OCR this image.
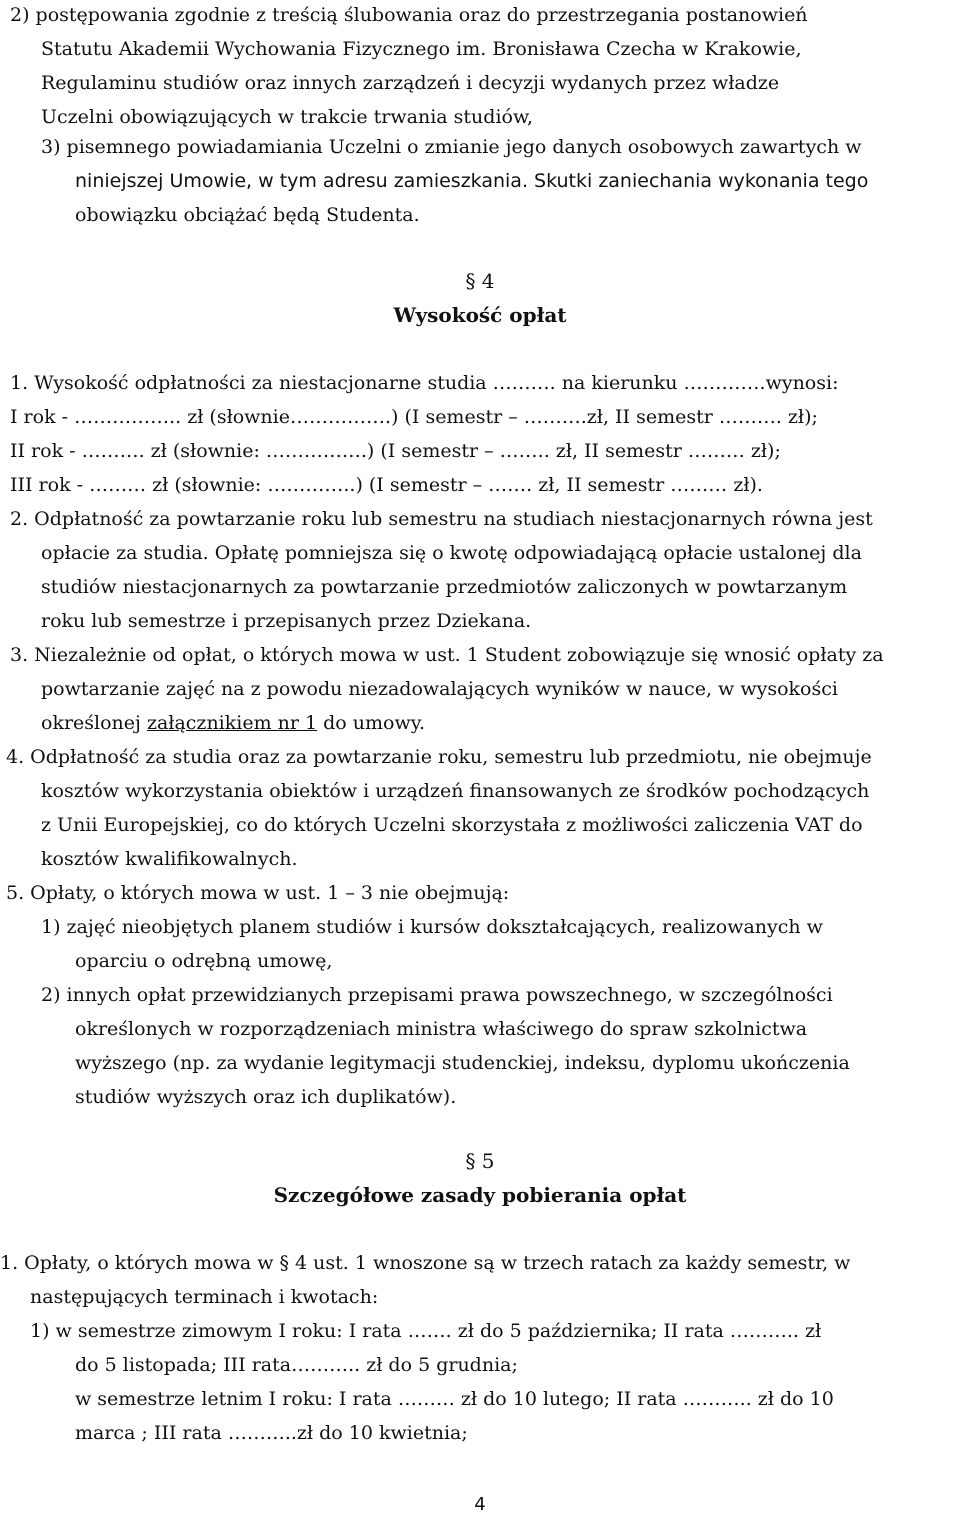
2) postępowania zgodnie z treścią ślubowania oraz do przestrzegania postanowień
Statutu Akademii Wychowania Fizycznego im. Bronisława Czecha w Krakowie,
Regulaminu studiów oraz innych zarządzeń i decyzji wydanych przez władze
Uczelni obowiązujących w trakcie trwania studiów,
3) pisemnego powiadamiania Uczelni o zmianie jego danych osobowych zawartych w
niniejszej Umowie, w tym adresu zamieszkania. Skutki zaniechania wykonania tego
obowiązku obciążać będą Studenta.
§ 4
Wysokość opłat
1. Wysokość odpłatności za niestacjonarne studia ………. na kierunku ………….wynosi:
I rok - …………….. zł (słownie…………….) (I semestr – ……….zł, II semestr ………. zł);
II rok - ………. zł (słownie: …………….) (I semestr – …….. zł, II semestr ……… zł);
III rok - ……… zł (słownie: …………..) (I semestr – ……. zł, II semestr ……… zł).
2. Odpłatność za powtarzanie roku lub semestru na studiach niestacjonarnych równa jest
opłacie za studia. Opłatę pomniejsza się o kwotę odpowiadającą opłacie ustalonej dla
studiów niestacjonarnych za powtarzanie przedmiotów zaliczonych w powtarzanym
roku lub semestrze i przepisanych przez Dziekana.
3. Niezależnie od opłat, o których mowa w ust. 1 Student zobowiązuje się wnosić opłaty za
powtarzanie zajęć na z powodu niezadowalających wyników w nauce, w wysokości
określonej załącznikiem nr 1 do umowy.
4. Odpłatność za studia oraz za powtarzanie roku, semestru lub przedmiotu, nie obejmuje
kosztów wykorzystania obiektów i urządzeń finansowanych ze środków pochodzących
z Unii Europejskiej, co do których Uczelni skorzystała z możliwości zaliczenia VAT do
kosztów kwalifikowalnych.
5. Opłaty, o których mowa w ust. 1 – 3 nie obejmują:
1) zajęć nieobjętych planem studiów i kursów dokształcających, realizowanych w
oparciu o odrębną umowę,
2) innych opłat przewidzianych przepisami prawa powszechnego, w szczególności
określonych w rozporządzeniach ministra właściwego do spraw szkolnictwa
wyższego (np. za wydanie legitymacji studenckiej, indeksu, dyplomu ukończenia
studiów wyższych oraz ich duplikatów).
§ 5
Szczegółowe zasady pobierania opłat
1. Opłaty, o których mowa w § 4 ust. 1 wnoszone są w trzech ratach za każdy semestr, w
następujących terminach i kwotach:
1) w semestrze zimowym I roku: I rata ……. zł do 5 października; II rata ……….. zł
do 5 listopada; III rata……….. zł do 5 grudnia;
w semestrze letnim I roku: I rata ……… zł do 10 lutego; II rata ……….. zł do 10
marca ; III rata ………..zł do 10 kwietnia;
4
